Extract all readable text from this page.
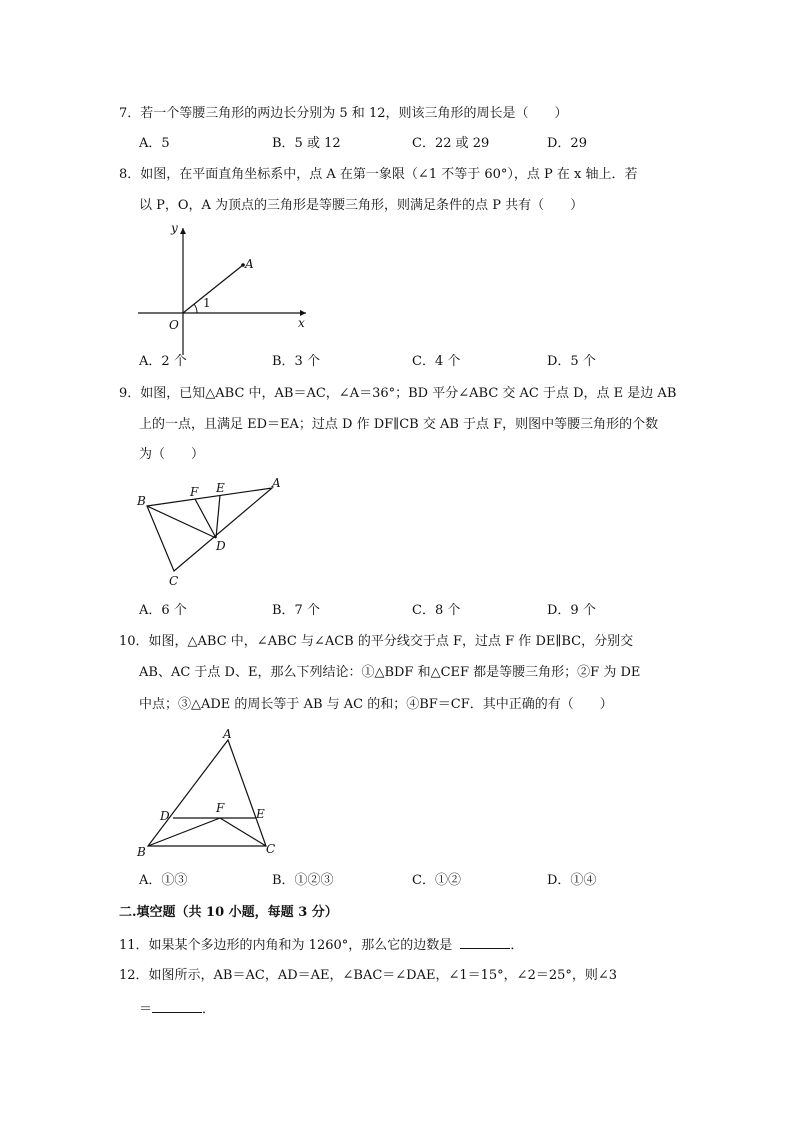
7．若一个等腰三角形的两边长分别为 5 和 12，则该三角形的周长是（　　）
A．5	B．5 或 12	C．22 或 29	D．29
8．如图，在平面直角坐标系中，点 A 在第一象限（∠1 不等于 60°），点 P 在 x 轴上．若
以 P，O，A 为顶点的三角形是等腰三角形，则满足条件的点 P 共有（　　）
y
x
O
A
1
A．2 个	B．3 个	C．4 个	D．5 个
9．如图，已知△ABC 中，AB＝AC，∠A＝36°；BD 平分∠ABC 交 AC 于点 D，点 E 是边 AB
上的一点，且满足 ED＝EA；过点 D 作 DF∥CB 交 AB 于点 F，则图中等腰三角形的个数
为（　　）
B
A
C
D
E
F
A．6 个	B．7 个	C．8 个	D．9 个
10．如图，△ABC 中，∠ABC 与∠ACB 的平分线交于点 F，过点 F 作 DE∥BC，分别交
AB、AC 于点 D、E，那么下列结论：①△BDF 和△CEF 都是等腰三角形；②F 为 DE
中点；③△ADE 的周长等于 AB 与 AC 的和；④BF＝CF．其中正确的有（　　）
A
B	C
D	E
F
A．①③	B．①②③	C．①②	D．①④
二.填空题（共 10 小题，每题 3 分）
11．如果某个多边形的内角和为 1260°，那么它的边数是	．
12．如图所示，AB＝AC，AD＝AE，∠BAC＝∠DAE，∠1＝15°，∠2＝25°，则∠3
＝	．
